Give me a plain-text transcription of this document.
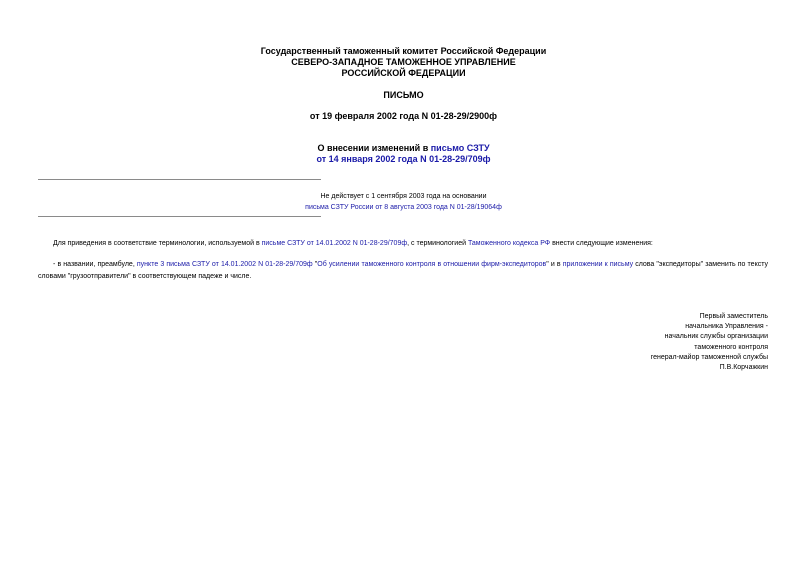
Государственный таможенный комитет Российской Федерации
СЕВЕРО-ЗАПАДНОЕ ТАМОЖЕННОЕ УПРАВЛЕНИЕ
РОССИЙСКОЙ ФЕДЕРАЦИИ
ПИСЬМО
от 19 февраля 2002 года N 01-28-29/2900ф
О внесении изменений в письмо СЗТУ
от 14 января 2002 года N 01-28-29/709ф
Не действует с 1 сентября 2003 года на основании
письма СЗТУ России от 8 августа 2003 года N 01-28/19064ф
Для приведения в соответствие терминологии, используемой в письме СЗТУ от 14.01.2002 N 01-28-29/709ф, с терминологией Таможенного кодекса РФ внести следующие изменения:
- в названии, преамбуле, пункте 3 письма СЗТУ от 14.01.2002 N 01-28-29/709ф "Об усилении таможенного контроля в отношении фирм-экспедиторов" и в приложении к письму слова "экспедиторы" заменить по тексту словами "грузоотправители" в соответствующем падеже и числе.
Первый заместитель
начальника Управления -
начальник службы организации
таможенного контроля
генерал-майор таможенной службы
П.В.Корчажкин
